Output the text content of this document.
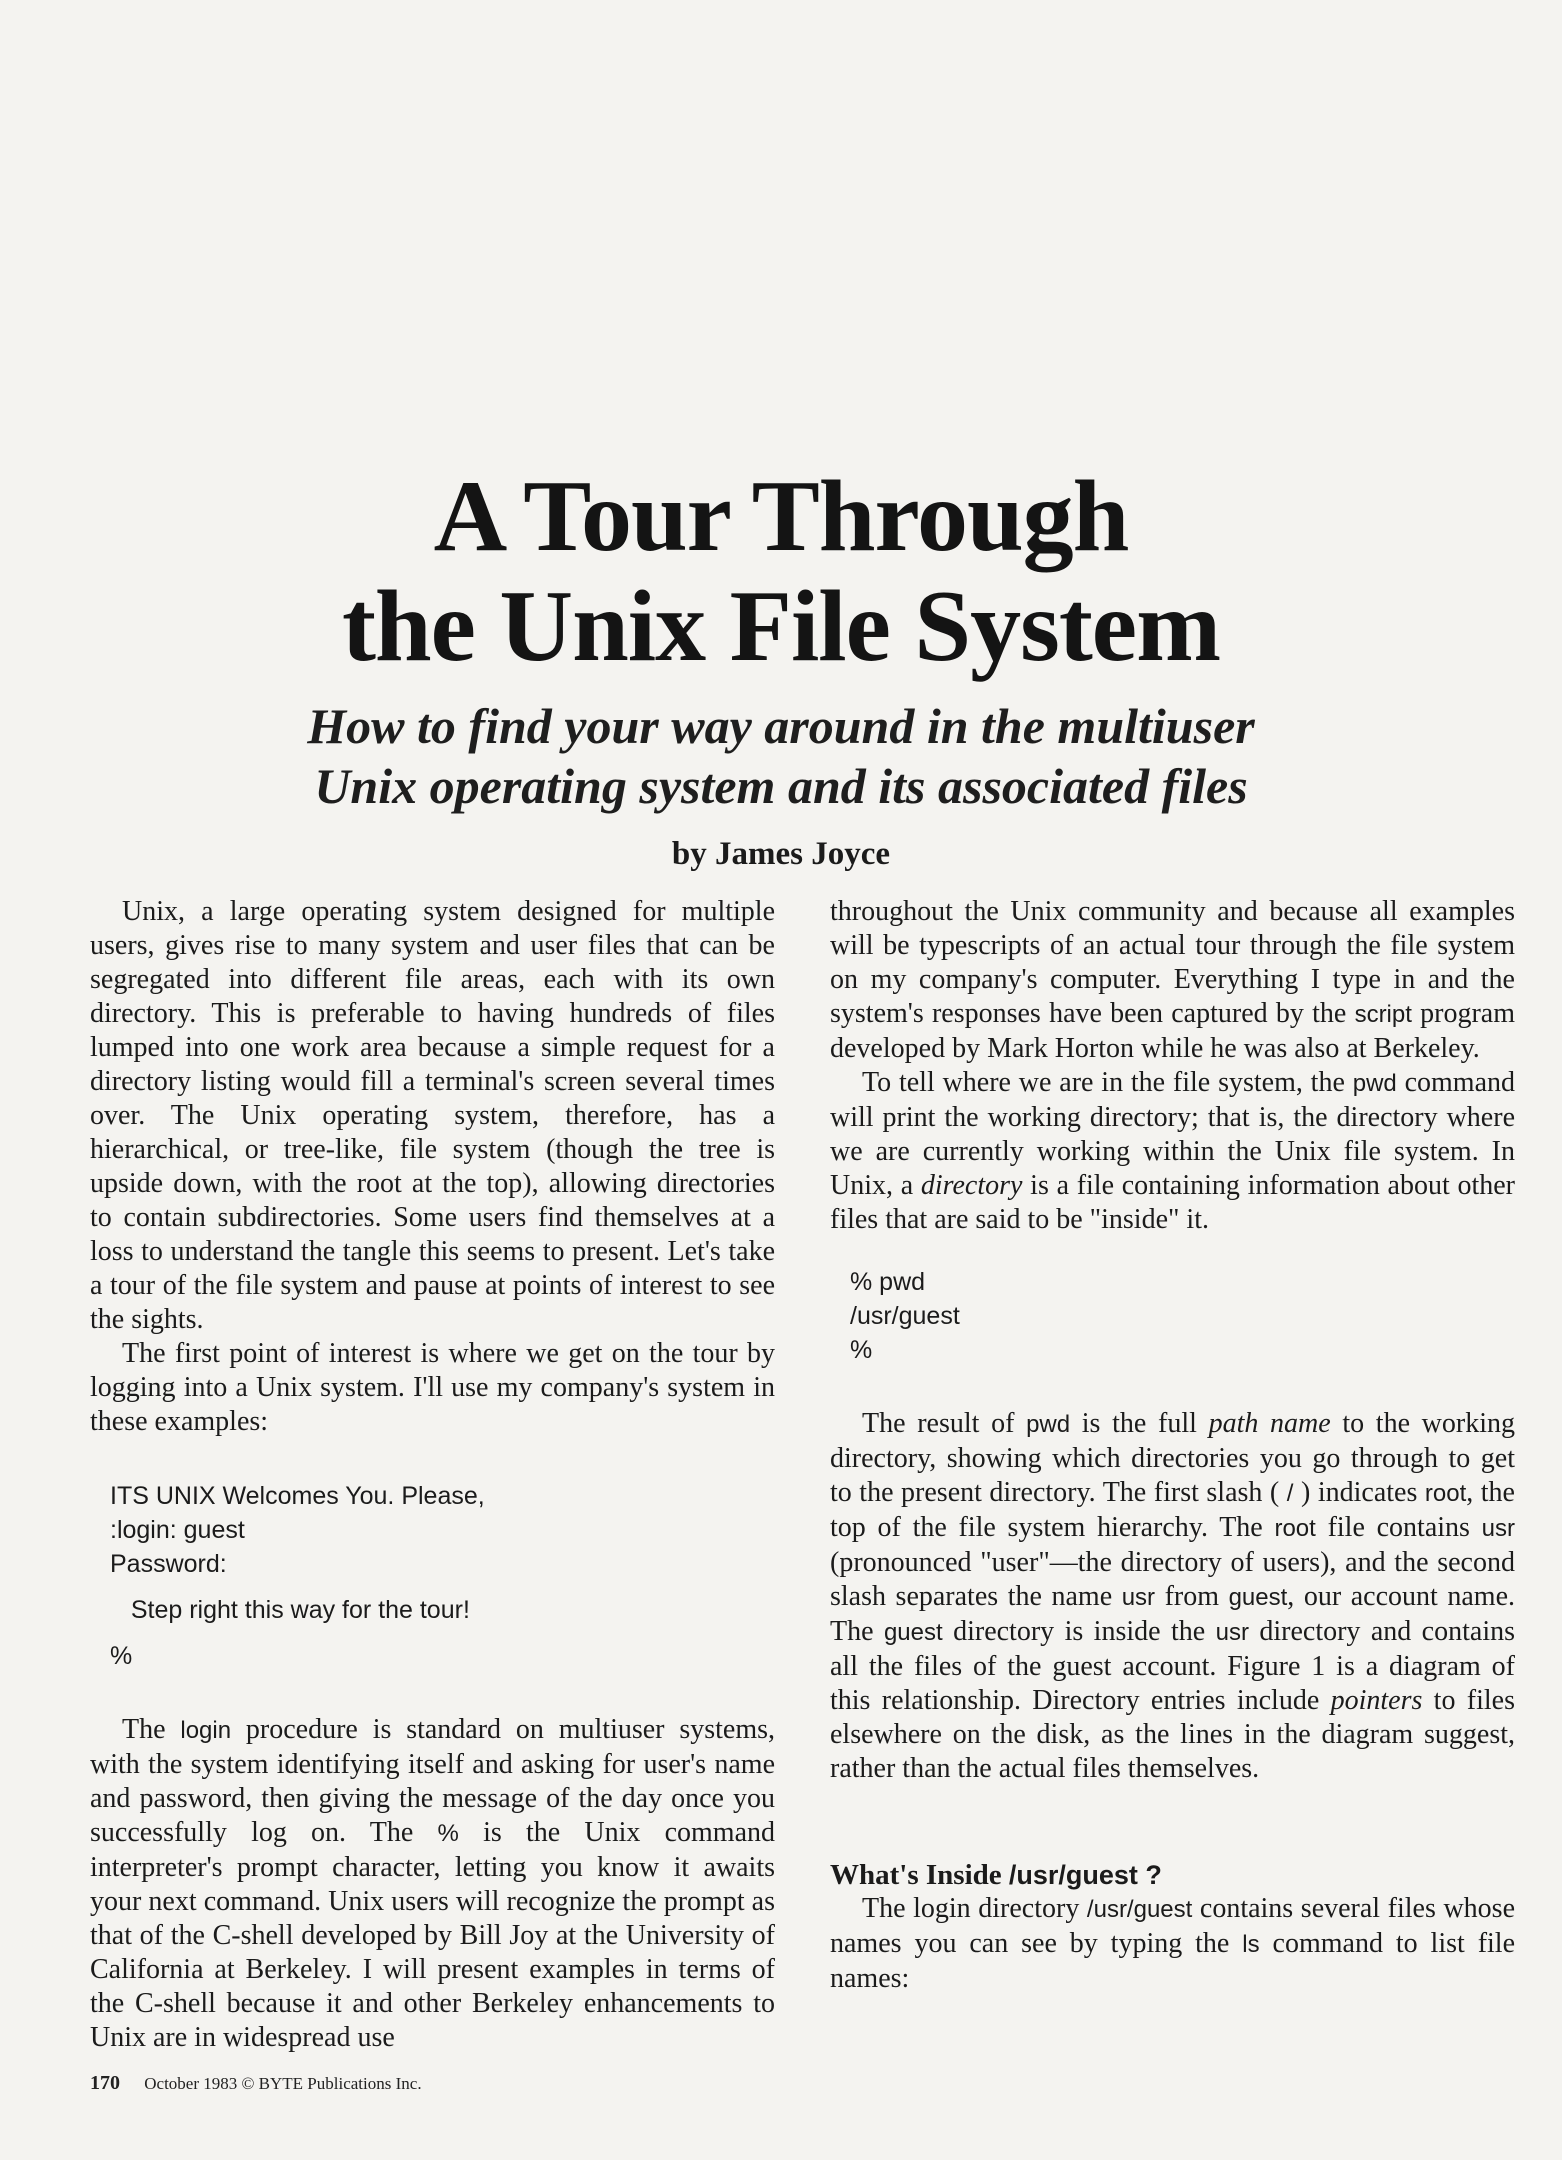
A Tour Through
the Unix File System
How to find your way around in the multiuser
Unix operating system and its associated files
by James Joyce

Unix, a large operating system designed for multiple users, gives rise to many system and user files that can be segregated into different file areas, each with its own directory. This is preferable to having hundreds of files lumped into one work area because a simple request for a directory listing would fill a terminal's screen several times over. The Unix operating system, therefore, has a hierarchical, or tree-like, file system (though the tree is upside down, with the root at the top), allowing directories to contain subdirectories. Some users find themselves at a loss to understand the tangle this seems to present. Let's take a tour of the file system and pause at points of interest to see the sights.

The first point of interest is where we get on the tour by logging into a Unix system. I'll use my company's system in these examples:

ITS UNIX Welcomes You. Please,
:login: guest
Password:
Step right this way for the tour!
%

The login procedure is standard on multiuser systems, with the system identifying itself and asking for user's name and password, then giving the message of the day once you successfully log on. The % is the Unix command interpreter's prompt character, letting you know it awaits your next command. Unix users will recognize the prompt as that of the C-shell developed by Bill Joy at the University of California at Berkeley. I will present examples in terms of the C-shell because it and other Berkeley enhancements to Unix are in widespread use

throughout the Unix community and because all examples will be typescripts of an actual tour through the file system on my company's computer. Everything I type in and the system's responses have been captured by the script program developed by Mark Horton while he was also at Berkeley.

To tell where we are in the file system, the pwd command will print the working directory; that is, the directory where we are currently working within the Unix file system. In Unix, a directory is a file containing information about other files that are said to be "inside" it.

% pwd
/usr/guest
%

The result of pwd is the full path name to the working directory, showing which directories you go through to get to the present directory. The first slash ( / ) indicates root, the top of the file system hierarchy. The root file contains usr (pronounced "user"—the directory of users), and the second slash separates the name usr from guest, our account name. The guest directory is inside the usr directory and contains all the files of the guest account. Figure 1 is a diagram of this relationship. Directory entries include pointers to files elsewhere on the disk, as the lines in the diagram suggest, rather than the actual files themselves.

What's Inside /usr/guest ?

The login directory /usr/guest contains several files whose names you can see by typing the ls command to list file names:

170 October 1983 © BYTE Publications Inc.
